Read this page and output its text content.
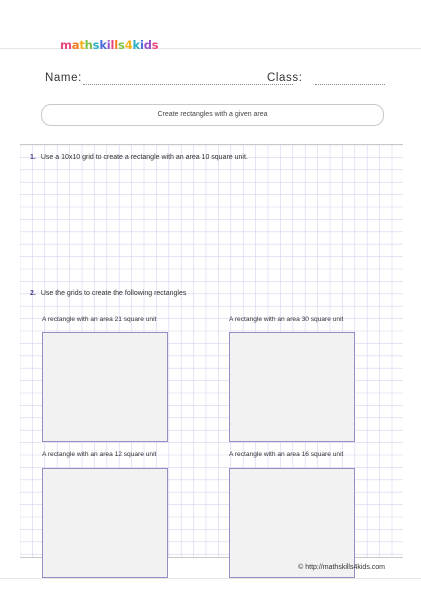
mathskills4kids
Name:	Class:
Create rectangles with a given area
1. Use a 10x10 grid to create a rectangle with an area 10 square unit.
2. Use the grids to create the following rectangles
A rectangle with an area 21 square unit	A rectangle with an area 30 square unit
A rectangle with an area 12 square unit	A rectangle with an area 16 square unit
© http://mathskills4kids.com
